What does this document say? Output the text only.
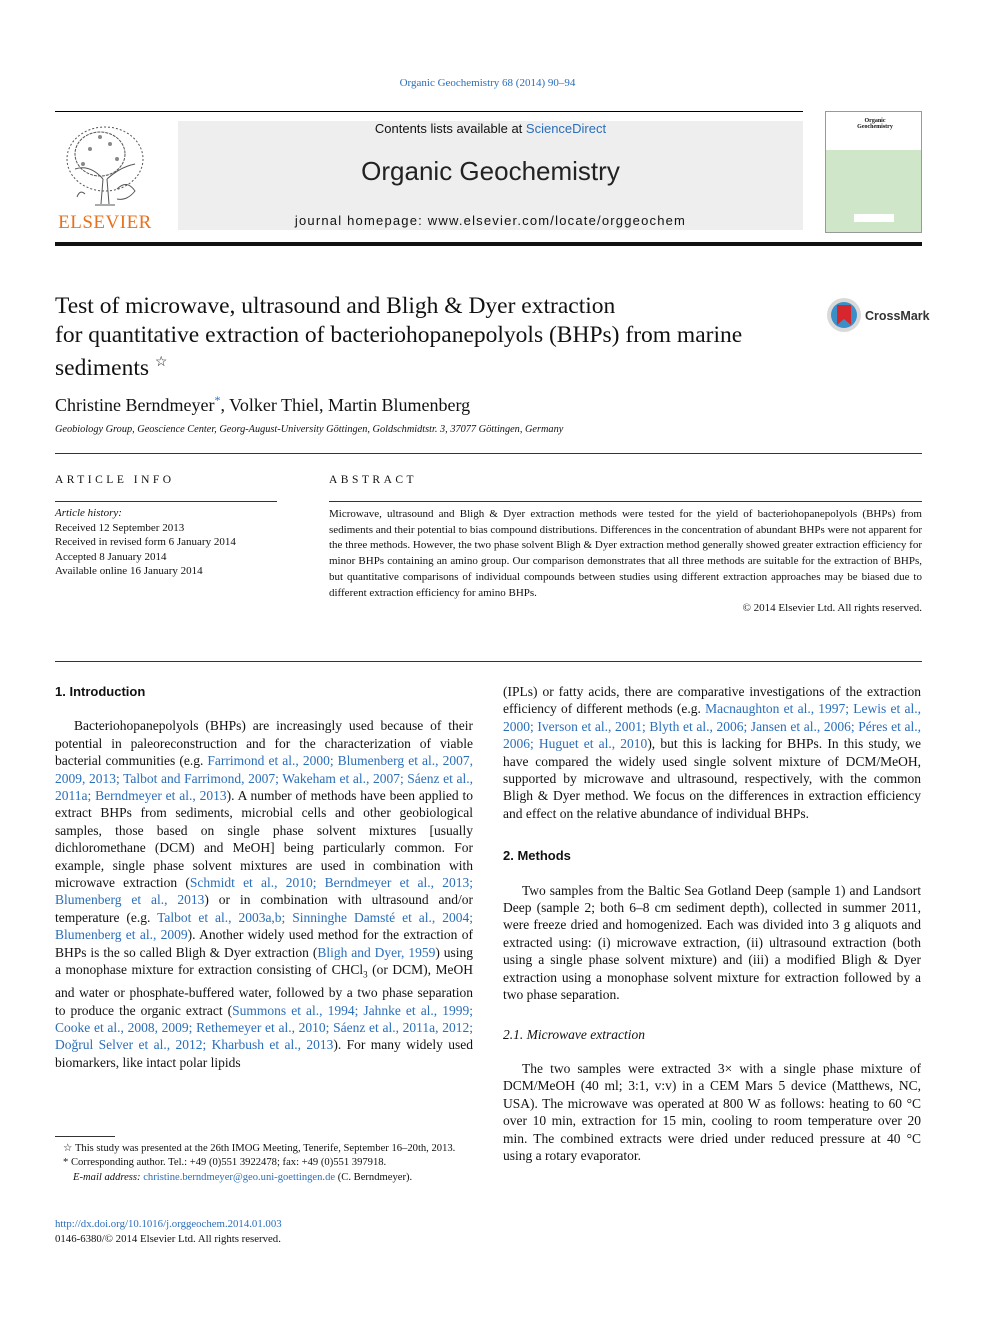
Organic Geochemistry 68 (2014) 90–94
ELSEVIER
Contents lists available at ScienceDirect
Organic Geochemistry
journal homepage: www.elsevier.com/locate/orggeochem
Organic Geochemistry
Test of microwave, ultrasound and Bligh & Dyer extraction
for quantitative extraction of bacteriohopanepolyols (BHPs) from marine
sediments ☆
CrossMark
Christine Berndmeyer*, Volker Thiel, Martin Blumenberg
Geobiology Group, Geoscience Center, Georg-August-University Göttingen, Goldschmidtstr. 3, 37077 Göttingen, Germany
ARTICLE INFO
Article history:
Received 12 September 2013
Received in revised form 6 January 2014
Accepted 8 January 2014
Available online 16 January 2014
ABSTRACT
Microwave, ultrasound and Bligh & Dyer extraction methods were tested for the yield of bacteriohopanepolyols (BHPs) from sediments and their potential to bias compound distributions. Differences in the concentration of abundant BHPs were not apparent for the three methods. However, the two phase solvent Bligh & Dyer extraction method generally showed greater extraction efficiency for minor BHPs containing an amino group. Our comparison demonstrates that all three methods are suitable for the extraction of BHPs, but quantitative comparisons of individual compounds between studies using different extraction approaches may be biased due to different extraction efficiency for amino BHPs.
© 2014 Elsevier Ltd. All rights reserved.
1. Introduction

Bacteriohopanepolyols (BHPs) are increasingly used because of their potential in paleoreconstruction and for the characterization of viable bacterial communities (e.g. Farrimond et al., 2000; Blumenberg et al., 2007, 2009, 2013; Talbot and Farrimond, 2007; Wakeham et al., 2007; Sáenz et al., 2011a; Berndmeyer et al., 2013). A number of methods have been applied to extract BHPs from sediments, microbial cells and other geobiological samples, those based on single phase solvent mixtures [usually dichloromethane (DCM) and MeOH] being particularly common. For example, single phase solvent mixtures are used in combination with microwave extraction (Schmidt et al., 2010; Berndmeyer et al., 2013; Blumenberg et al., 2013) or in combination with ultrasound and/or temperature (e.g. Talbot et al., 2003a,b; Sinninghe Damsté et al., 2004; Blumenberg et al., 2009). Another widely used method for the extraction of BHPs is the so called Bligh & Dyer extraction (Bligh and Dyer, 1959) using a monophase mixture for extraction consisting of CHCl$_3$ (or DCM), MeOH and water or phosphate-buffered water, followed by a two phase separation to produce the organic extract (Summons et al., 1994; Jahnke et al., 1999; Cooke et al., 2008, 2009; Rethemeyer et al., 2010; Sáenz et al., 2011a, 2012; Doğrul Selver et al., 2012; Kharbush et al., 2013). For many widely used biomarkers, like intact polar lipids

(IPLs) or fatty acids, there are comparative investigations of the extraction efficiency of different methods (e.g. Macnaughton et al., 1997; Lewis et al., 2000; Iverson et al., 2001; Blyth et al., 2006; Jansen et al., 2006; Péres et al., 2006; Huguet et al., 2010), but this is lacking for BHPs. In this study, we have compared the widely used single solvent mixture of DCM/MeOH, supported by microwave and ultrasound, respectively, with the common Bligh & Dyer method. We focus on the differences in extraction efficiency and effect on the relative abundance of individual BHPs.

2. Methods

Two samples from the Baltic Sea Gotland Deep (sample 1) and Landsort Deep (sample 2; both 6–8 cm sediment depth), collected in summer 2011, were freeze dried and homogenized. Each was divided into 3 g aliquots and extracted using: (i) microwave extraction, (ii) ultrasound extraction (both using a single phase solvent mixture) and (iii) a modified Bligh & Dyer extraction using a monophase solvent mixture for extraction followed by a two phase separation.

2.1. Microwave extraction

The two samples were extracted 3× with a single phase mixture of DCM/MeOH (40 ml; 3:1, v:v) in a CEM Mars 5 device (Matthews, NC, USA). The microwave was operated at 800 W as follows: heating to 60 °C over 10 min, extraction for 15 min, cooling to room temperature over 20 min. The combined extracts were dried under reduced pressure at 40 °C using a rotary evaporator.

☆ This study was presented at the 26th IMOG Meeting, Tenerife, September 16–20th, 2013.
* Corresponding author. Tel.: +49 (0)551 3922478; fax: +49 (0)551 397918.
E-mail address: christine.berndmeyer@geo.uni-goettingen.de (C. Berndmeyer).
http://dx.doi.org/10.1016/j.orggeochem.2014.01.003
0146-6380/© 2014 Elsevier Ltd. All rights reserved.
